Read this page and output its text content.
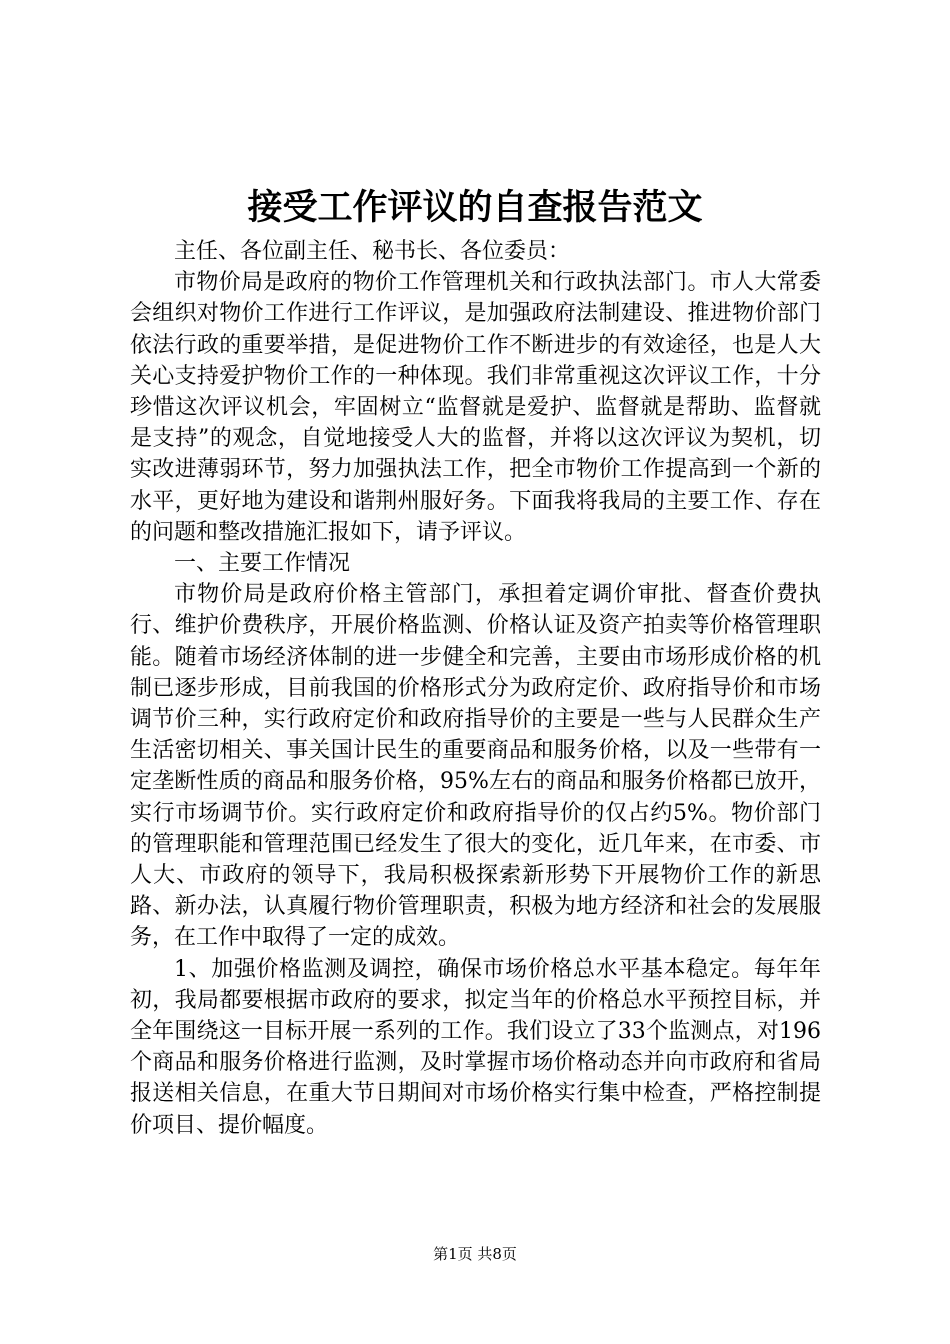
接受工作评议的自查报告范文

主任、各位副主任、秘书长、各位委员：

市物价局是政府的物价工作管理机关和行政执法部门。市人大常委会组织对物价工作进行工作评议，是加强政府法制建设、推进物价部门依法行政的重要举措，是促进物价工作不断进步的有效途径，也是人大关心支持爱护物价工作的一种体现。我们非常重视这次评议工作，十分珍惜这次评议机会，牢固树立“监督就是爱护、监督就是帮助、监督就是支持”的观念，自觉地接受人大的监督，并将以这次评议为契机，切实改进薄弱环节，努力加强执法工作，把全市物价工作提高到一个新的水平，更好地为建设和谐荆州服好务。下面我将我局的主要工作、存在的问题和整改措施汇报如下，请予评议。

一、主要工作情况

市物价局是政府价格主管部门，承担着定调价审批、督查价费执行、维护价费秩序，开展价格监测、价格认证及资产拍卖等价格管理职能。随着市场经济体制的进一步健全和完善，主要由市场形成价格的机制已逐步形成，目前我国的价格形式分为政府定价、政府指导价和市场调节价三种，实行政府定价和政府指导价的主要是一些与人民群众生产生活密切相关、事关国计民生的重要商品和服务价格，以及一些带有一定垄断性质的商品和服务价格，95%左右的商品和服务价格都已放开，实行市场调节价。实行政府定价和政府指导价的仅占约5%。物价部门的管理职能和管理范围已经发生了很大的变化，近几年来，在市委、市人大、市政府的领导下，我局积极探索新形势下开展物价工作的新思路、新办法，认真履行物价管理职责，积极为地方经济和社会的发展服务，在工作中取得了一定的成效。

1、加强价格监测及调控，确保市场价格总水平基本稳定。每年年初，我局都要根据市政府的要求，拟定当年的价格总水平预控目标，并全年围绕这一目标开展一系列的工作。我们设立了33个监测点，对196个商品和服务价格进行监测，及时掌握市场价格动态并向市政府和省局报送相关信息，在重大节日期间对市场价格实行集中检查，严格控制提价项目、提价幅度。

第1页 共8页
